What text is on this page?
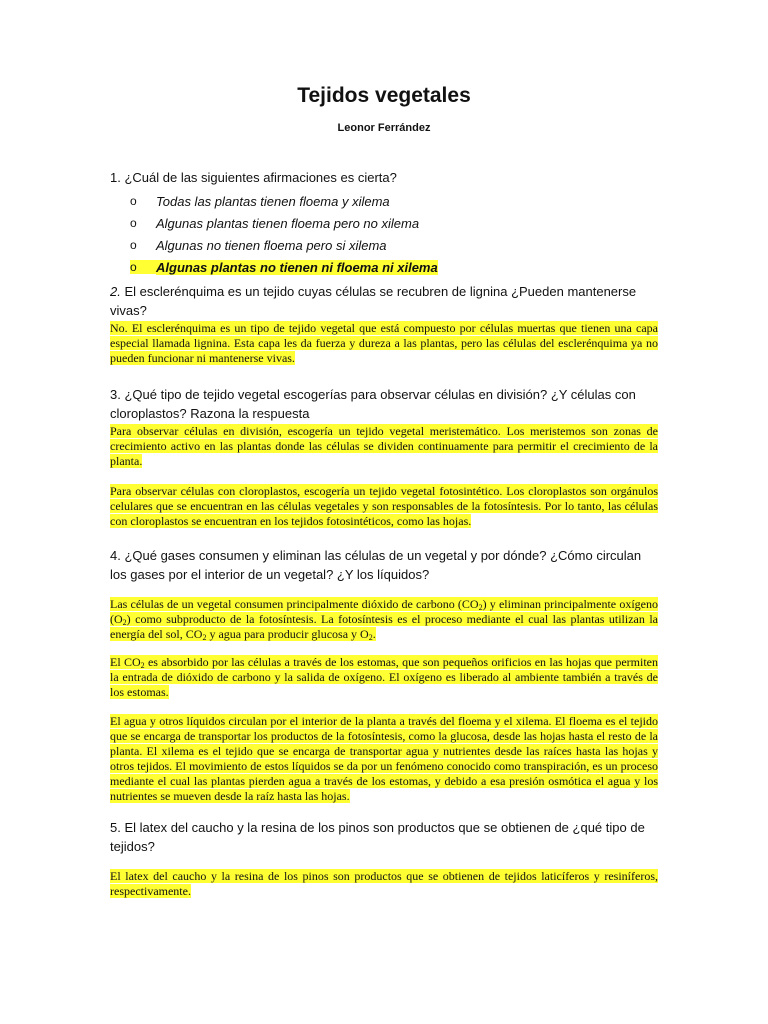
Tejidos vegetales
Leonor Ferrández
1. ¿Cuál de las siguientes afirmaciones es cierta?
o	Todas las plantas tienen floema y xilema
o	Algunas plantas tienen floema pero no xilema
o	Algunas no tienen floema pero si xilema
o	Algunas plantas no tienen ni floema ni xilema
2. El esclerénquima es un tejido cuyas células se recubren de lignina ¿Pueden mantenerse vivas?
No. El esclerénquima es un tipo de tejido vegetal que está compuesto por células muertas que tienen una capa especial llamada lignina. Esta capa les da fuerza y dureza a las plantas, pero las células del esclerénquima ya no pueden funcionar ni mantenerse vivas.
3. ¿Qué tipo de tejido vegetal escogerías para observar células en división? ¿Y células con cloroplastos? Razona la respuesta
Para observar células en división, escogería un tejido vegetal meristemático. Los meristemos son zonas de crecimiento activo en las plantas donde las células se dividen continuamente para permitir el crecimiento de la planta.
Para observar células con cloroplastos, escogería un tejido vegetal fotosintético. Los cloroplastos son orgánulos celulares que se encuentran en las células vegetales y son responsables de la fotosíntesis. Por lo tanto, las células con cloroplastos se encuentran en los tejidos fotosintéticos, como las hojas.
4. ¿Qué gases consumen y eliminan las células de un vegetal y por dónde? ¿Cómo circulan los gases por el interior de un vegetal? ¿Y los líquidos?
Las células de un vegetal consumen principalmente dióxido de carbono $(CO_2)$ y eliminan principalmente oxígeno $(O_2)$ como subproducto de la fotosíntesis. La fotosíntesis es el proceso mediante el cual las plantas utilizan la energía del sol, $CO_2$ y agua para producir glucosa y $O_2$.
El $CO_2$ es absorbido por las células a través de los estomas, que son pequeños orificios en las hojas que permiten la entrada de dióxido de carbono y la salida de oxígeno. El oxígeno es liberado al ambiente también a través de los estomas.
El agua y otros líquidos circulan por el interior de la planta a través del floema y el xilema. El floema es el tejido que se encarga de transportar los productos de la fotosíntesis, como la glucosa, desde las hojas hasta el resto de la planta. El xilema es el tejido que se encarga de transportar agua y nutrientes desde las raíces hasta las hojas y otros tejidos. El movimiento de estos líquidos se da por un fenómeno conocido como transpiración, es un proceso mediante el cual las plantas pierden agua a través de los estomas, y debido a esa presión osmótica el agua y los nutrientes se mueven desde la raíz hasta las hojas.
5. El latex del caucho y la resina de los pinos son productos que se obtienen de ¿qué tipo de tejidos?
El latex del caucho y la resina de los pinos son productos que se obtienen de tejidos laticíferos y resiníferos, respectivamente.
